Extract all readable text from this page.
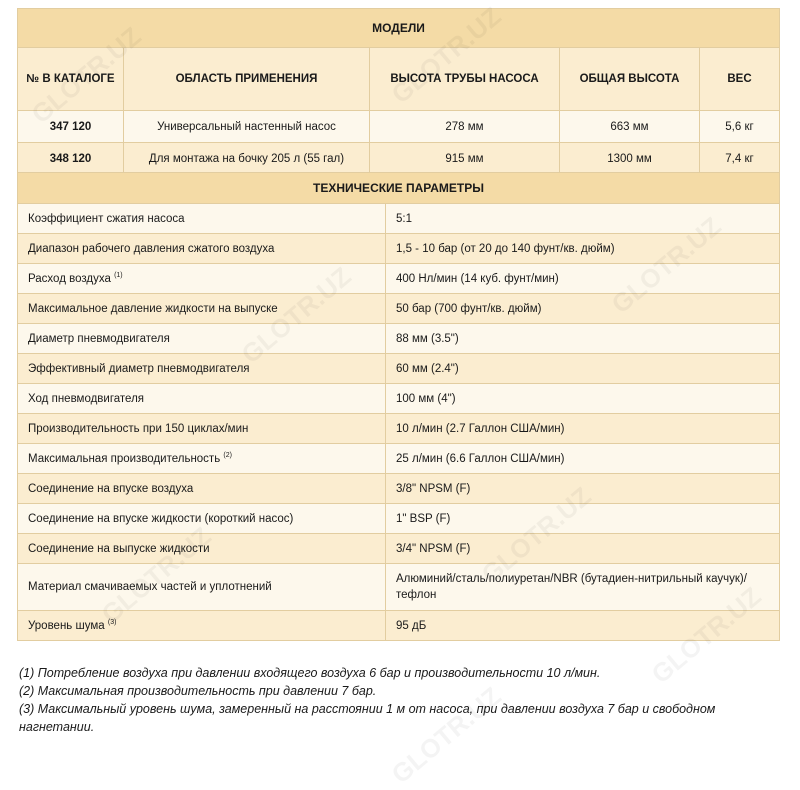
МОДЕЛИ				
№ В КАТАЛОГЕ	ОБЛАСТЬ ПРИМЕНЕНИЯ	ВЫСОТА ТРУБЫ НАСОСА	ОБЩАЯ ВЫСОТА	ВЕС
347 120	Универсальный настенный насос	278 мм	663 мм	5,6 кг
348 120	Для монтажа на бочку 205 л (55 гал)	915 мм	1300 мм	7,4 кг
ТЕХНИЧЕСКИЕ ПАРАМЕТРЫ	
Коэффициент сжатия насоса	5:1
Диапазон рабочего давления сжатого воздуха	1,5 - 10 бар (от 20 до 140 фунт/кв. дюйм)
Расход воздуха $^{(1)}$	400 Нл/мин (14 куб. фунт/мин)
Максимальное давление жидкости на выпуске	50 бар (700 фунт/кв. дюйм)
Диаметр пневмодвигателя	88 мм (3.5")
Эффективный диаметр пневмодвигателя	60 мм (2.4")
Ход пневмодвигателя	100 мм (4")
Производительность при 150 циклах/мин	10 л/мин (2.7 Галлон США/мин)
Максимальная производительность $^{(2)}$	25 л/мин (6.6 Галлон США/мин)
Соединение на впуске воздуха	3/8" NPSM (F)
Соединение на впуске жидкости (короткий насос)	1" BSP (F)
Соединение на выпуске жидкости	3/4" NPSM (F)
Материал смачиваемых частей и уплотнений	Алюминий/сталь/полиуретан/NBR (бутадиен-нитрильный каучук)/тефлон
Уровень шума $^{(3)}$	95 дБ
(1) Потребление воздуха при давлении входящего воздуха 6 бар и производительности 10 л/мин.
(2) Максимальная производительность при давлении 7 бар.
(3) Максимальный уровень шума, замеренный на расстоянии 1 м от насоса, при давлении воздуха 7 бар и свободном нагнетании.
